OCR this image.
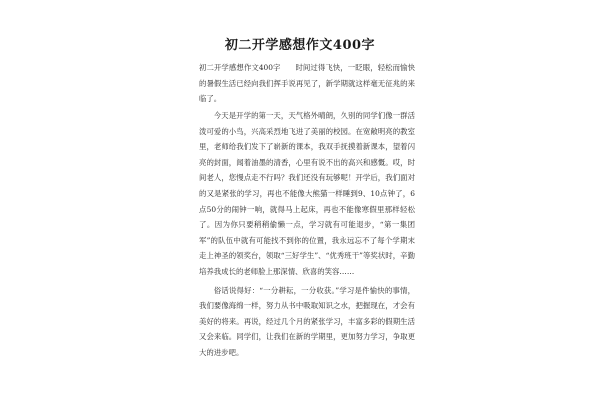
初二开学感想作文400字

初二开学感想作文400字　　时间过得飞快，一眨眼，轻松而愉快的暑假生活已经向我们挥手说再见了，新学期就这样毫无征兆的来临了。

今天是开学的第一天，天气格外晴朗，久别的同学们像一群活泼可爱的小鸟，兴高采烈地飞进了美丽的校园。在宽敞明亮的教室里，老师给我们发下了崭新的课本，我双手抚摸着新课本，望着闪亮的封面，闻着油墨的清香，心里有说不出的高兴和感慨。哎，时间老人，您慢点走不行吗？我们还没有玩够呢！开学后，我们面对的又是紧张的学习，再也不能像大熊猫一样睡到9、10点钟了，6点50分的闹钟一响，就得马上起床，再也不能像寒假里那样轻松了。因为你只要稍稍偷懒一点，学习就有可能退步，“第一集团军”的队伍中就有可能找不到你的位置，我永远忘不了每个学期末走上神圣的领奖台，领取“三好学生”、“优秀班干”等奖状时，辛勤培养我成长的老师脸上那深情、欣喜的笑容……

俗话说得好：“一分耕耘，一分收获。”学习是件愉快的事情，我们要像海绵一样，努力从书中吸取知识之水，把握现在，才会有美好的将来。再说，经过几个月的紧张学习，丰富多彩的假期生活又会来临。同学们，让我们在新的学期里，更加努力学习，争取更大的进步吧。
